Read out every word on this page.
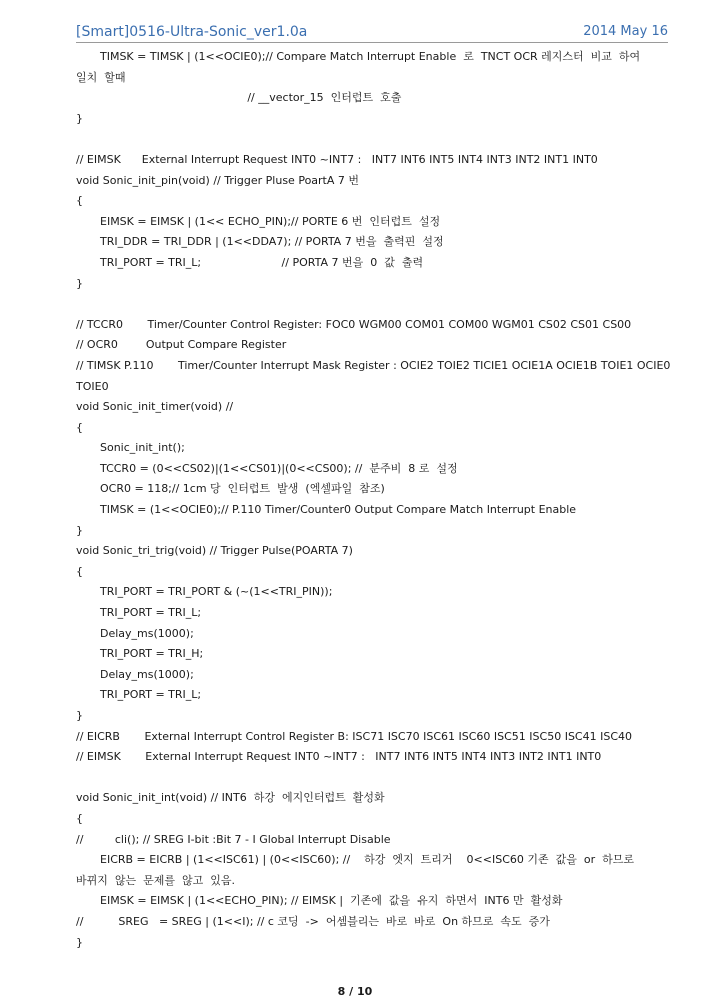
[Smart]0516-Ultra-Sonic_ver1.0a	2014 May 16
TIMSK = TIMSK | (1<<OCIE0);// Compare Match Interrupt Enable  로  TNCT OCR 레지스터  비교  하여
일치  할때
// __vector_15  인터럽트  호출
}
// EIMSK      External Interrupt Request INT0 ~INT7 :   INT7 INT6 INT5 INT4 INT3 INT2 INT1 INT0
void Sonic_init_pin(void) // Trigger Pluse PoartA 7 번
{
EIMSK = EIMSK | (1<< ECHO_PIN);// PORTE 6 번  인터럽트  설정
TRI_DDR = TRI_DDR | (1<<DDA7); // PORTA 7 번을  출력핀  설정
TRI_PORT = TRI_L;                       // PORTA 7 번을  0  값  출력
}
// TCCR0       Timer/Counter Control Register: FOC0 WGM00 COM01 COM00 WGM01 CS02 CS01 CS00
// OCR0        Output Compare Register
// TIMSK P.110       Timer/Counter Interrupt Mask Register : OCIE2 TOIE2 TICIE1 OCIE1A OCIE1B TOIE1 OCIE0
TOIE0
void Sonic_init_timer(void) //
{
Sonic_init_int();
TCCR0 = (0<<CS02)|(1<<CS01)|(0<<CS00); //  분주비  8 로  설정
OCR0 = 118;// 1cm 당  인터럽트  발생  (엑셀파일  참조)
TIMSK = (1<<OCIE0);// P.110 Timer/Counter0 Output Compare Match Interrupt Enable
}
void Sonic_tri_trig(void) // Trigger Pulse(POARTA 7)
{
TRI_PORT = TRI_PORT & (~(1<<TRI_PIN));
TRI_PORT = TRI_L;
Delay_ms(1000);
TRI_PORT = TRI_H;
Delay_ms(1000);
TRI_PORT = TRI_L;
}
// EICRB       External Interrupt Control Register B: ISC71 ISC70 ISC61 ISC60 ISC51 ISC50 ISC41 ISC40
// EIMSK       External Interrupt Request INT0 ~INT7 :   INT7 INT6 INT5 INT4 INT3 INT2 INT1 INT0
void Sonic_init_int(void) // INT6  하강  에지인터럽트  활성화
{
//         cli(); // SREG I-bit :Bit 7 - I Global Interrupt Disable
EICRB = EICRB | (1<<ISC61) | (0<<ISC60); //    하강  엣지  트리거    0<<ISC60 기존  값을  or  하므로
바뀌지  않는  문제를  않고  있음.
EIMSK = EIMSK | (1<<ECHO_PIN); // EIMSK |  기존에  값을  유지  하면서  INT6 만  활성화
//          SREG   = SREG | (1<<I); // c 코딩  ->  어셈블리는  바로  바로  On 하므로  속도  증가
}
8 / 10
